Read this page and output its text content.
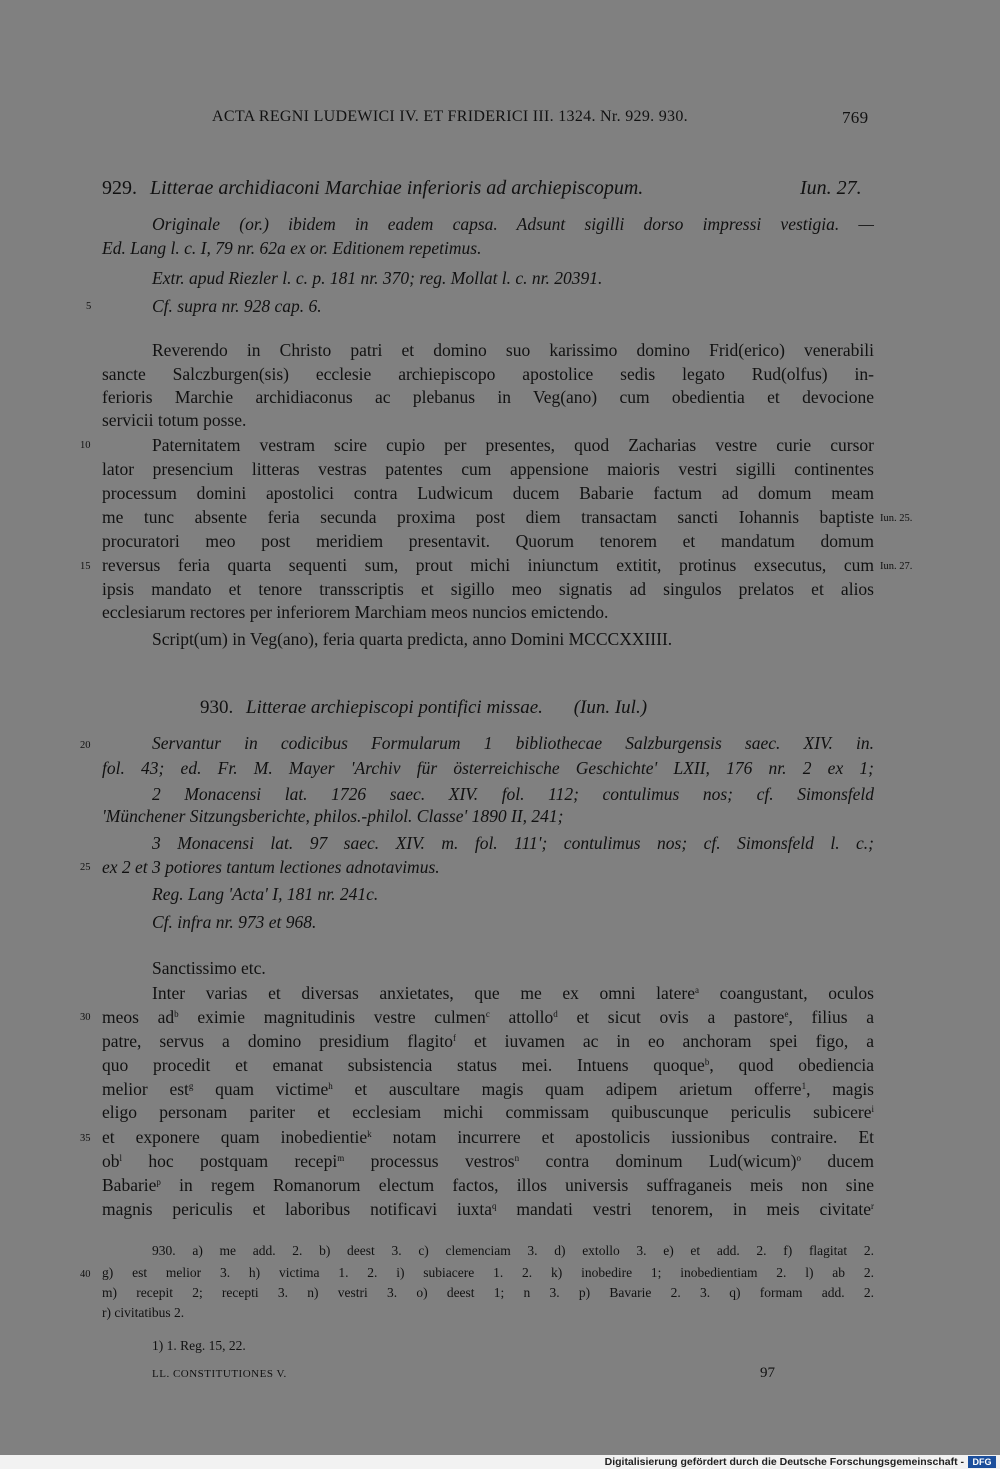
ACTA REGNI LUDEWICI IV. ET FRIDERICI III. 1324. Nr. 929. 930.	769
929. Litterae archidiaconi Marchiae inferioris ad archiepiscopum.	Iun. 27.
Originale (or.) ibidem in eadem capsa. Adsunt sigilli dorso impressi vestigia. —
Ed. Lang l. c. I, 79 nr. 62a ex or. Editionem repetimus.
Extr. apud Riezler l. c. p. 181 nr. 370; reg. Mollat l. c. nr. 20391.
Cf. supra nr. 928 cap. 6.
Reverendo in Christo patri et domino suo karissimo domino Frid(erico) venerabili
sancte Salczburgen(sis) ecclesie archiepiscopo apostolice sedis legato Rud(olfus) in-
ferioris Marchie archidiaconus ac plebanus in Veg(ano) cum obedientia et devocione
servicii totum posse.
Paternitatem vestram scire cupio per presentes, quod Zacharias vestre curie cursor
lator presencium litteras vestras patentes cum appensione maioris vestri sigilli continentes
processum domini apostolici contra Ludwicum ducem Babarie factum ad domum meam
me tunc absente feria secunda proxima post diem transactam sancti Iohannis baptiste
procuratori meo post meridiem presentavit. Quorum tenorem et mandatum domum
reversus feria quarta sequenti sum, prout michi iniunctum extitit, protinus exsecutus, cum
ipsis mandato et tenore transscriptis et sigillo meo signatis ad singulos prelatos et alios
ecclesiarum rectores per inferiorem Marchiam meos nuncios emictendo.
Script(um) in Veg(ano), feria quarta predicta, anno Domini MCCCXXIIII.
Iun. 25.
Iun. 27.
930. Litterae archiepiscopi pontifici missae. (Iun. Iul.)
Servantur in codicibus Formularum 1 bibliothecae Salzburgensis saec. XIV. in.
fol. 43; ed. Fr. M. Mayer 'Archiv für österreichische Geschichte' LXII, 176 nr. 2 ex 1;
2 Monacensi lat. 1726 saec. XIV. fol. 112; contulimus nos; cf. Simonsfeld
'Münchener Sitzungsberichte, philos.-philol. Classe' 1890 II, 241;
3 Monacensi lat. 97 saec. XIV. m. fol. 111'; contulimus nos; cf. Simonsfeld l. c.;
ex 2 et 3 potiores tantum lectiones adnotavimus.
Reg. Lang 'Acta' I, 181 nr. 241c.
Cf. infra nr. 973 et 968.
Sanctissimo etc.
Inter varias et diversas anxietates, que me ex omni latere$^a$ coangustant, oculos
meos $ad^b$ eximie magnitudinis vestre culmen$^c$ attollo$^d$ et sicut ovis a pastore$^e$, filius a
patre, servus a domino presidium flagito$^f$ et iuvamen ac in eo anchoram spei figo, a
quo procedit et emanat subsistencia status mei. Intuens quoque$^b$, quod obediencia
melior est$^g$ quam victime$^h$ et auscultare magis quam adipem arietum offerre$^1$, magis
eligo personam pariter et ecclesiam michi commissam quibuscunque periculis subicere$^i$
et exponere quam inobedientie$^k$ notam incurrere et apostolicis iussionibus contraire. Et
$ob^l$ hoc postquam recepi$^m$ processus vestros$^n$ contra dominum Lud(wicum)$^o$ ducem
Babarie$^p$ in regem Romanorum electum factos, illos universis suffraganeis meis non sine
magnis periculis et laboribus notificavi iuxta$^q$ mandati vestri tenorem, in meis civitate$^r$
930. a) me add. 2. b) deest 3. c) clemenciam 3. d) extollo 3. e) et add. 2. f) flagitat 2.
g) est melior 3. h) victima 1. 2. i) subiacere 1. 2. k) inobedire 1; inobedientiam 2. l) ab 2.
m) recepit 2; recepti 3. n) vestri 3. o) deest 1; n 3. p) Bavarie 2. 3. q) formam add. 2.
r) civitatibus 2.
1) 1. Reg. 15, 22.
LL. CONSTITUTIONES V.	97
5
10
15
20
25
30
35
40
Digitalisierung gefördert durch die Deutsche Forschungsgemeinschaft - DFG
